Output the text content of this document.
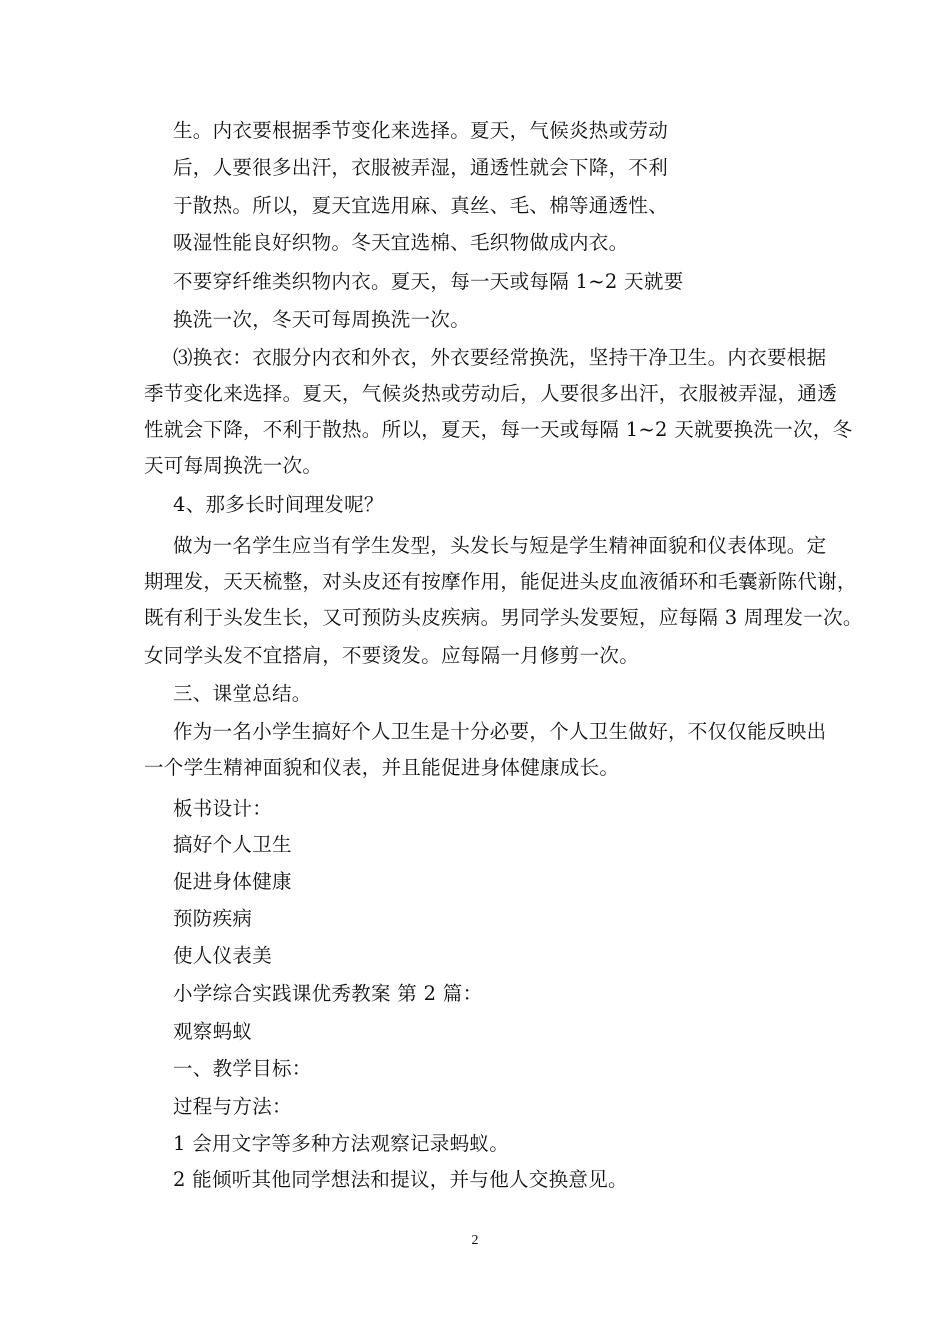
生。内衣要根据季节变化来选择。夏天，气候炎热或劳动
后，人要很多出汗，衣服被弄湿，通透性就会下降，不利
于散热。所以，夏天宜选用麻、真丝、毛、棉等通透性、
吸湿性能良好织物。冬天宜选棉、毛织物做成内衣。
不要穿纤维类织物内衣。夏天，每一天或每隔 1~2 天就要
换洗一次，冬天可每周换洗一次。
⑶换衣：衣服分内衣和外衣，外衣要经常换洗，坚持干净卫生。内衣要根据
季节变化来选择。夏天，气候炎热或劳动后，人要很多出汗，衣服被弄湿，通透
性就会下降，不利于散热。所以，夏天，每一天或每隔 1~2 天就要换洗一次，冬
天可每周换洗一次。
4、那多长时间理发呢？
做为一名学生应当有学生发型，头发长与短是学生精神面貌和仪表体现。定
期理发，天天梳整，对头皮还有按摩作用，能促进头皮血液循环和毛囊新陈代谢，
既有利于头发生长，又可预防头皮疾病。男同学头发要短，应每隔 3 周理发一次。
女同学头发不宜搭肩，不要烫发。应每隔一月修剪一次。
三、课堂总结。
作为一名小学生搞好个人卫生是十分必要，个人卫生做好，不仅仅能反映出
一个学生精神面貌和仪表，并且能促进身体健康成长。
板书设计：
搞好个人卫生
促进身体健康
预防疾病
使人仪表美
小学综合实践课优秀教案 第 2 篇：
观察蚂蚁
一、教学目标：
过程与方法：
1 会用文字等多种方法观察记录蚂蚁。
2 能倾听其他同学想法和提议，并与他人交换意见。
2
